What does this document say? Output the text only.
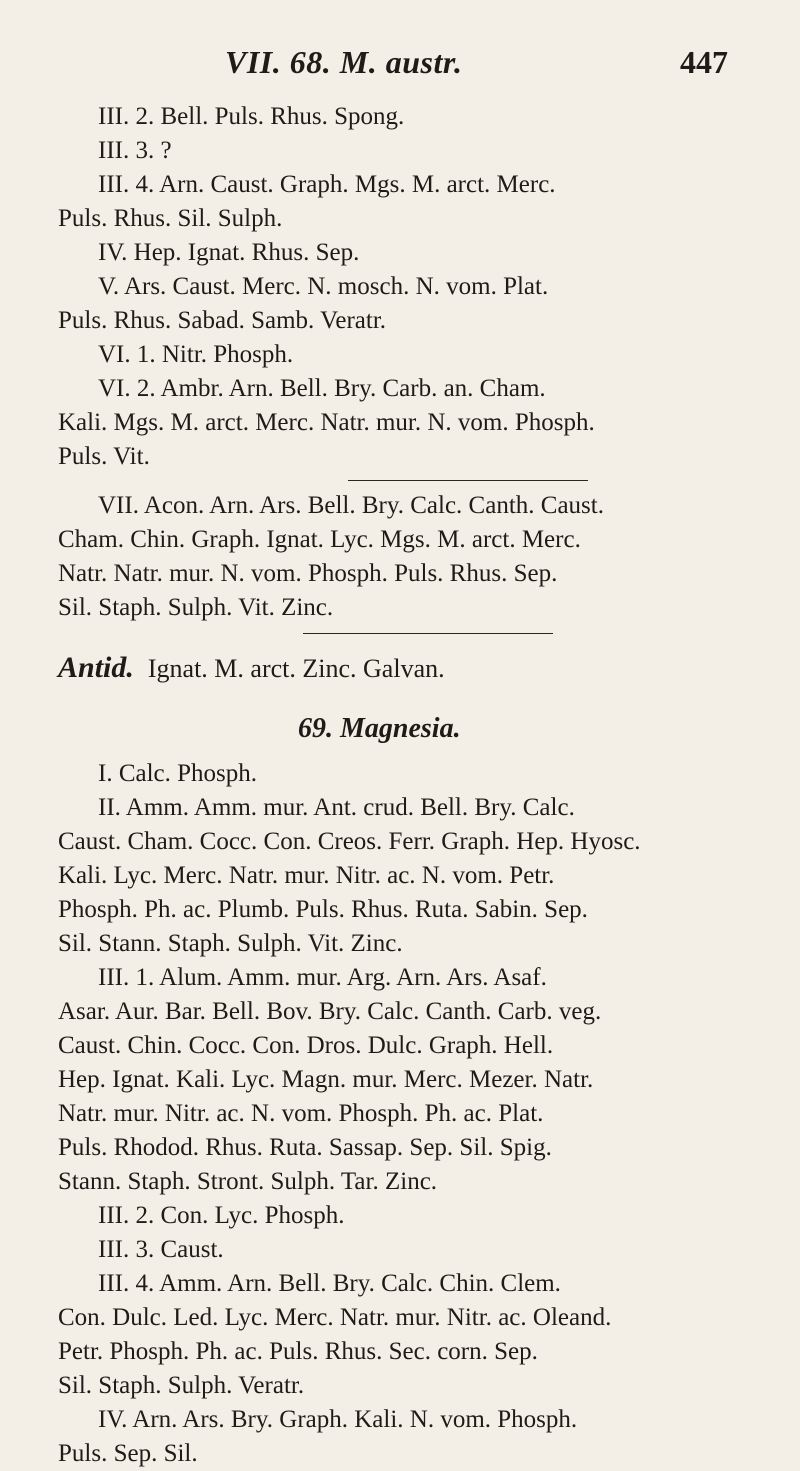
VII. 68. M. austr.	447
III. 2. Bell. Puls. Rhus. Spong.
III. 3. ?
III. 4. Arn. Caust. Graph. Mgs. M. arct. Merc.
Puls. Rhus. Sil. Sulph.
IV. Hep. Ignat. Rhus. Sep.
V. Ars. Caust. Merc. N. mosch. N. vom. Plat.
Puls. Rhus. Sabad. Samb. Veratr.
VI. 1. Nitr. Phosph.
VI. 2. Ambr. Arn. Bell. Bry. Carb. an. Cham.
Kali. Mgs. M. arct. Merc. Natr. mur. N. vom. Phosph.
Puls. Vit.
VII. Acon. Arn. Ars. Bell. Bry. Calc. Canth. Caust.
Cham. Chin. Graph. Ignat. Lyc. Mgs. M. arct. Merc.
Natr. Natr. mur. N. vom. Phosph. Puls. Rhus. Sep.
Sil. Staph. Sulph. Vit. Zinc.
Antid. Ignat. M. arct. Zinc. Galvan.
69. Magnesia.
I. Calc. Phosph.
II. Amm. Amm. mur. Ant. crud. Bell. Bry. Calc.
Caust. Cham. Cocc. Con. Creos. Ferr. Graph. Hep. Hyosc.
Kali. Lyc. Merc. Natr. mur. Nitr. ac. N. vom. Petr.
Phosph. Ph. ac. Plumb. Puls. Rhus. Ruta. Sabin. Sep.
Sil. Stann. Staph. Sulph. Vit. Zinc.
III. 1. Alum. Amm. mur. Arg. Arn. Ars. Asaf.
Asar. Aur. Bar. Bell. Bov. Bry. Calc. Canth. Carb. veg.
Caust. Chin. Cocc. Con. Dros. Dulc. Graph. Hell.
Hep. Ignat. Kali. Lyc. Magn. mur. Merc. Mezer. Natr.
Natr. mur. Nitr. ac. N. vom. Phosph. Ph. ac. Plat.
Puls. Rhodod. Rhus. Ruta. Sassap. Sep. Sil. Spig.
Stann. Staph. Stront. Sulph. Tar. Zinc.
III. 2. Con. Lyc. Phosph.
III. 3. Caust.
III. 4. Amm. Arn. Bell. Bry. Calc. Chin. Clem.
Con. Dulc. Led. Lyc. Merc. Natr. mur. Nitr. ac. Oleand.
Petr. Phosph. Ph. ac. Puls. Rhus. Sec. corn. Sep.
Sil. Staph. Sulph. Veratr.
IV. Arn. Ars. Bry. Graph. Kali. N. vom. Phosph.
Puls. Sep. Sil.
